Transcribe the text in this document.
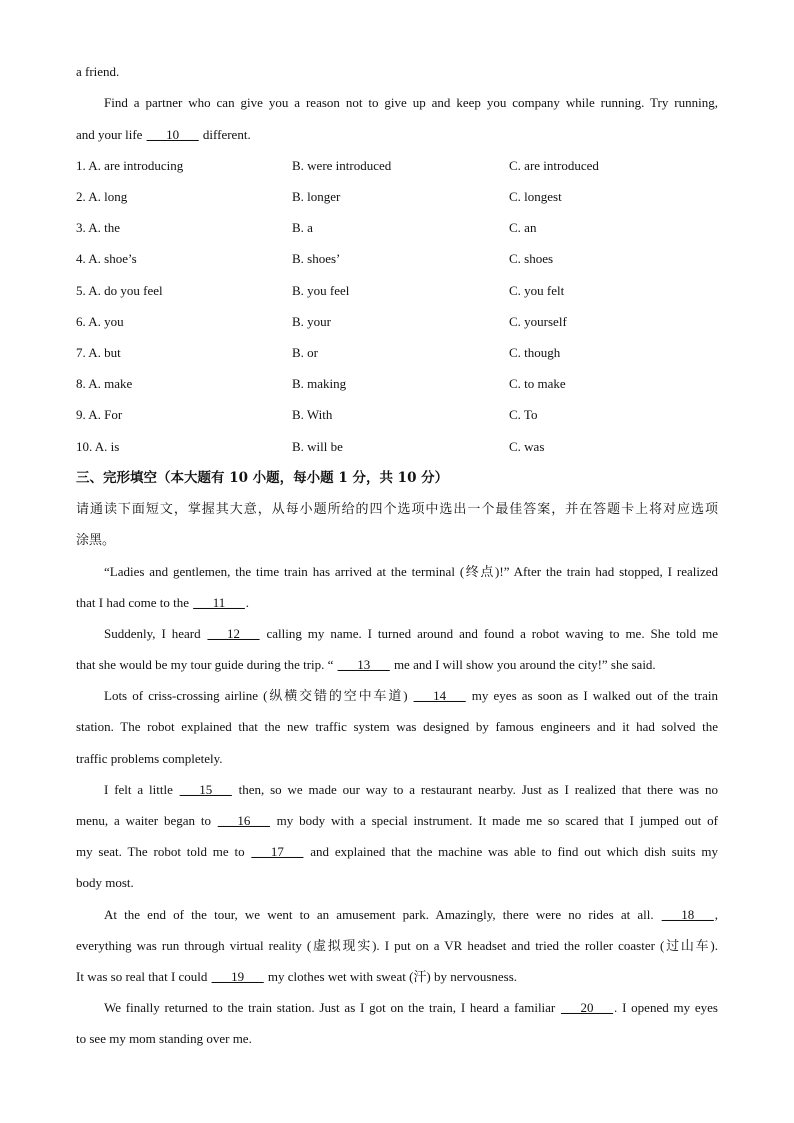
a friend.
Find a partner who can give you a reason not to give up and keep you company while running. Try running,
and your life ___10___ different.
1. A. are introducing	B. were introduced	C. are introduced
2. A. long	B. longer	C. longest
3. A. the	B. a	C. an
4. A. shoe’s	B. shoes’	C. shoes
5. A. do you feel	B. you feel	C. you felt
6. A. you	B. your	C. yourself
7. A. but	B. or	C. though
8. A. make	B. making	C. to make
9. A. For	B. With	C. To
10. A. is	B. will be	C. was
三、完形填空（本大题有 10 小题，每小题 1 分，共 10 分）
请通读下面短文，掌握其大意，从每小题所给的四个选项中选出一个最佳答案，并在答题卡上将对应选项
涂黑。
“Ladies and gentlemen, the time train has arrived at the terminal (终点)!” After the train had stopped, I realized
that I had come to the ___11___.
Suddenly, I heard ___12___ calling my name. I turned around and found a robot waving to me. She told me
that she would be my tour guide during the trip. “ ___13___ me and I will show you around the city!” she said.
Lots of criss-crossing airline (纵横交错的空中车道) ___14___ my eyes as soon as I walked out of the train
station. The robot explained that the new traffic system was designed by famous engineers and it had solved the
traffic problems completely.
I felt a little ___15___ then, so we made our way to a restaurant nearby. Just as I realized that there was no
menu, a waiter began to ___16___ my body with a special instrument. It made me so scared that I jumped out of
my seat. The robot told me to ___17___ and explained that the machine was able to find out which dish suits my
body most.
At the end of the tour, we went to an amusement park. Amazingly, there were no rides at all. ___18___,
everything was run through virtual reality (虚拟现实). I put on a VR headset and tried the roller coaster (过山车).
It was so real that I could ___19___ my clothes wet with sweat (汗) by nervousness.
We finally returned to the train station. Just as I got on the train, I heard a familiar ___20___. I opened my eyes
to see my mom standing over me.
